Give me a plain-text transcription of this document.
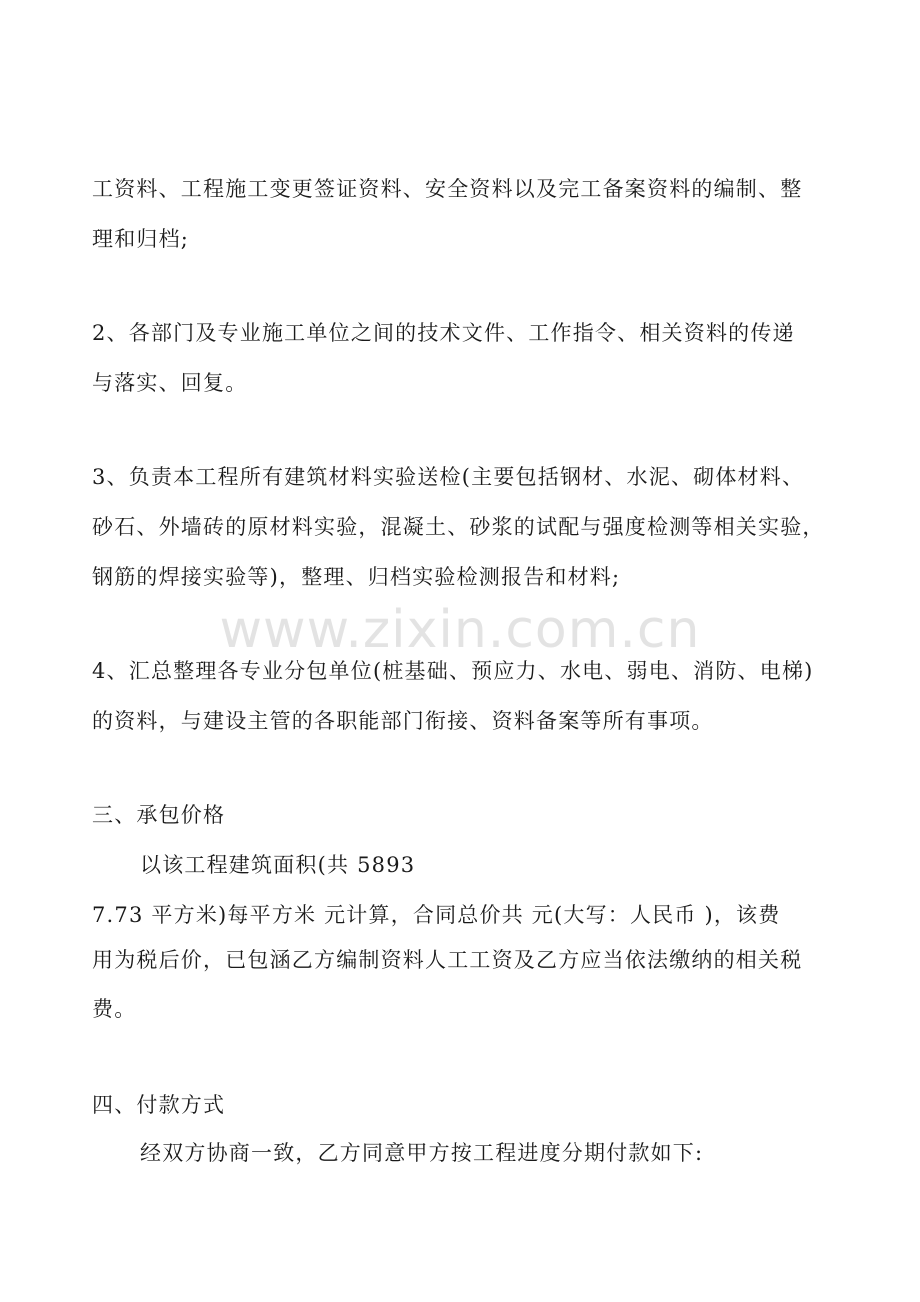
www.zixin.com.cn
工资料、工程施工变更签证资料、安全资料以及完工备案资料的编制、整
理和归档;
2、各部门及专业施工单位之间的技术文件、工作指令、相关资料的传递
与落实、回复。
3、负责本工程所有建筑材料实验送检(主要包括钢材、水泥、砌体材料、
砂石、外墙砖的原材料实验，混凝土、砂浆的试配与强度检测等相关实验，
钢筋的焊接实验等)，整理、归档实验检测报告和材料;
4、汇总整理各专业分包单位(桩基础、预应力、水电、弱电、消防、电梯)
的资料，与建设主管的各职能部门衔接、资料备案等所有事项。
三、承包价格
以该工程建筑面积(共 5893
7.73 平方米)每平方米 元计算，合同总价共 元(大写：人民币 )，该费
用为税后价，已包涵乙方编制资料人工工资及乙方应当依法缴纳的相关税
费。
四、付款方式
经双方协商一致，乙方同意甲方按工程进度分期付款如下:
